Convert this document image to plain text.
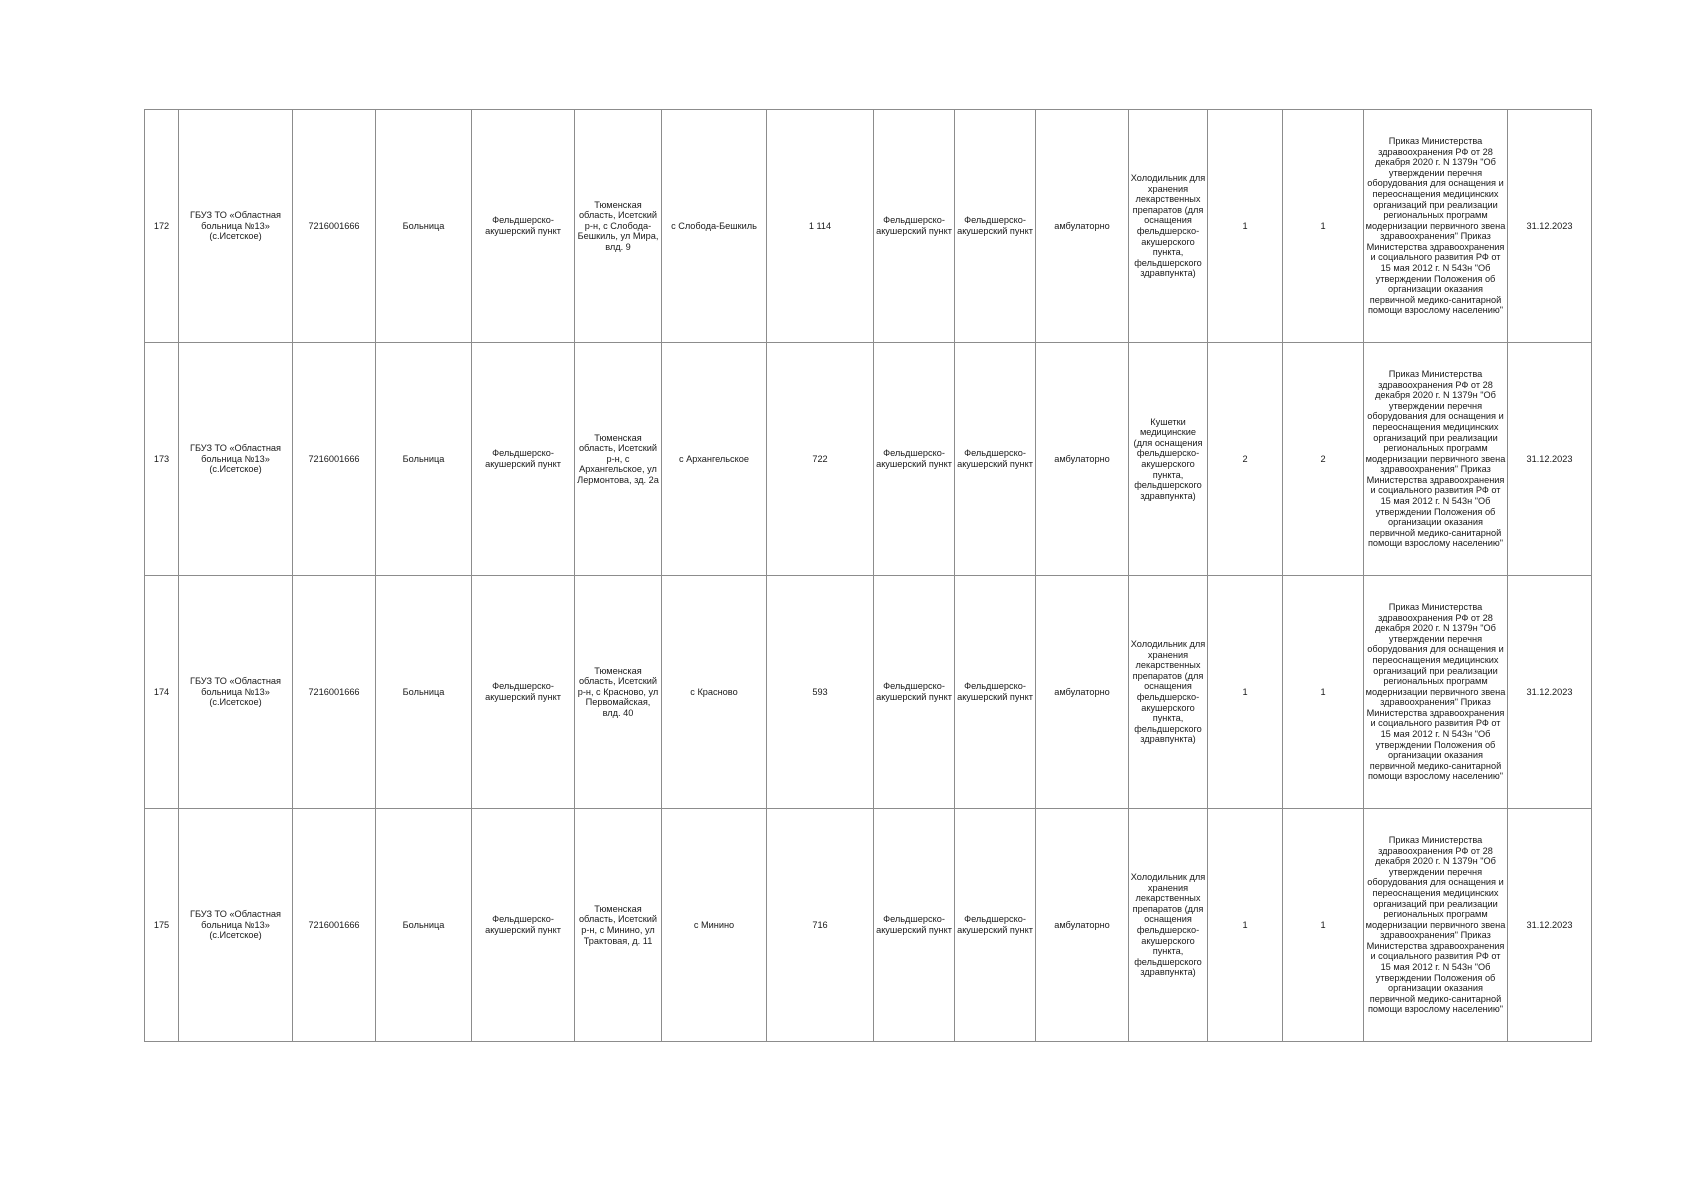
172	ГБУЗ ТО «Областная больница №13» (с.Исетское)	7216001666	Больница	Фельдшерско-акушерский пункт	Тюменская область, Исетский р-н, с Слобода-Бешкиль, ул Мира, влд. 9	с Слобода-Бешкиль	1 114	Фельдшерско-акушерский пункт	Фельдшерско-акушерский пункт	амбулаторно	Холодильник для хранения лекарственных препаратов (для оснащения фельдшерско-акушерского пункта, фельдшерского здравпункта)	1	1	Приказ Министерства здравоохранения РФ от 28 декабря 2020 г. N 1379н "Об утверждении перечня оборудования для оснащения и переоснащения медицинских организаций при реализации региональных программ модернизации первичного звена здравоохранения" Приказ Министерства здравоохранения и социального развития РФ от 15 мая 2012 г. N 543н "Об утверждении Положения об организации оказания первичной медико-санитарной помощи взрослому населению"	31.12.2023
173	ГБУЗ ТО «Областная больница №13» (с.Исетское)	7216001666	Больница	Фельдшерско-акушерский пункт	Тюменская область, Исетский р-н, с Архангельское, ул Лермонтова, зд. 2а	с Архангельское	722	Фельдшерско-акушерский пункт	Фельдшерско-акушерский пункт	амбулаторно	Кушетки медицинские (для оснащения фельдшерско-акушерского пункта, фельдшерского здравпункта)	2	2	Приказ Министерства здравоохранения РФ от 28 декабря 2020 г. N 1379н "Об утверждении перечня оборудования для оснащения и переоснащения медицинских организаций при реализации региональных программ модернизации первичного звена здравоохранения" Приказ Министерства здравоохранения и социального развития РФ от 15 мая 2012 г. N 543н "Об утверждении Положения об организации оказания первичной медико-санитарной помощи взрослому населению"	31.12.2023
174	ГБУЗ ТО «Областная больница №13» (с.Исетское)	7216001666	Больница	Фельдшерско-акушерский пункт	Тюменская область, Исетский р-н, с Красново, ул Первомайская, влд. 40	с Красново	593	Фельдшерско-акушерский пункт	Фельдшерско-акушерский пункт	амбулаторно	Холодильник для хранения лекарственных препаратов (для оснащения фельдшерско-акушерского пункта, фельдшерского здравпункта)	1	1	Приказ Министерства здравоохранения РФ от 28 декабря 2020 г. N 1379н "Об утверждении перечня оборудования для оснащения и переоснащения медицинских организаций при реализации региональных программ модернизации первичного звена здравоохранения" Приказ Министерства здравоохранения и социального развития РФ от 15 мая 2012 г. N 543н "Об утверждении Положения об организации оказания первичной медико-санитарной помощи взрослому населению"	31.12.2023
175	ГБУЗ ТО «Областная больница №13» (с.Исетское)	7216001666	Больница	Фельдшерско-акушерский пункт	Тюменская область, Исетский р-н, с Минино, ул Трактовая, д. 11	с Минино	716	Фельдшерско-акушерский пункт	Фельдшерско-акушерский пункт	амбулаторно	Холодильник для хранения лекарственных препаратов (для оснащения фельдшерско-акушерского пункта, фельдшерского здравпункта)	1	1	Приказ Министерства здравоохранения РФ от 28 декабря 2020 г. N 1379н "Об утверждении перечня оборудования для оснащения и переоснащения медицинских организаций при реализации региональных программ модернизации первичного звена здравоохранения" Приказ Министерства здравоохранения и социального развития РФ от 15 мая 2012 г. N 543н "Об утверждении Положения об организации оказания первичной медико-санитарной помощи взрослому населению"	31.12.2023
